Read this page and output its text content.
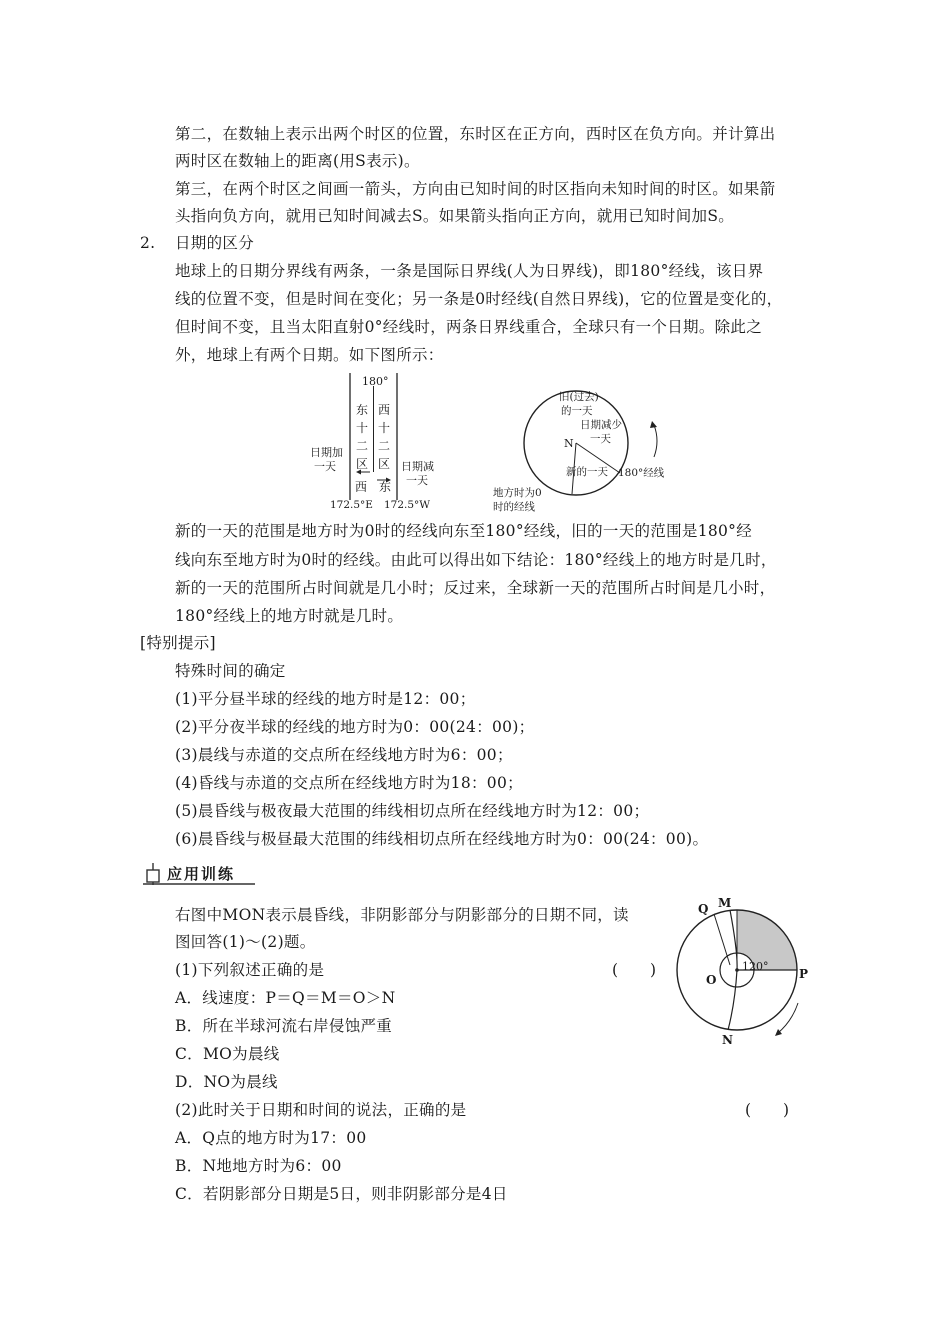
第二，在数轴上表示出两个时区的位置，东时区在正方向，西时区在负方向。并计算出
两时区在数轴上的距离(用S表示)。
第三，在两个时区之间画一箭头，方向由已知时间的时区指向未知时间的时区。如果箭
头指向负方向，就用已知时间减去S。如果箭头指向正方向，就用已知时间加S。
2. 日期的区分
地球上的日期分界线有两条，一条是国际日界线(人为日界线)，即180°经线，该日界
线的位置不变，但是时间在变化；另一条是0时经线(自然日界线)，它的位置是变化的，
但时间不变，且当太阳直射0°经线时，两条日界线重合，全球只有一个日期。除此之
外，地球上有两个日期。如下图所示：
180°
东
十
二
区
西
十
二
区
日期加
一天	日期减
一天
西 东
172.5°E 172.5°W
N
旧(过去)
的一天
日期减少
一天
新的一天 180°经线
地方时为0
时的经线
新的一天的范围是地方时为0时的经线向东至180°经线，旧的一天的范围是180°经
线向东至地方时为0时的经线。由此可以得出如下结论：180°经线上的地方时是几时，
新的一天的范围所占时间就是几小时；反过来，全球新一天的范围所占时间是几小时，
180°经线上的地方时就是几时。
[特别提示]
特殊时间的确定
(1)平分昼半球的经线的地方时是12：00；
(2)平分夜半球的经线的地方时为0：00(24：00)；
(3)晨线与赤道的交点所在经线地方时为6：00；
(4)昏线与赤道的交点所在经线地方时为18：00；
(5)晨昏线与极夜最大范围的纬线相切点所在经线地方时为12：00；
(6)晨昏线与极昼最大范围的纬线相切点所在经线地方时为0：00(24：00)。
应用训练
右图中MON表示晨昏线，非阴影部分与阴影部分的日期不同，读
图回答(1)～(2)题。
(1)下列叙述正确的是	(　　)
A．线速度：P＝Q＝M＝O＞N
B．所在半球河流右岸侵蚀严重
C．MO为晨线
D．NO为晨线
(2)此时关于日期和时间的说法，正确的是	(　　)
A．Q点的地方时为17：00
B．N地地方时为6：00
C．若阴影部分日期是5日，则非阴影部分是4日
120°
Q M
O	P
N
